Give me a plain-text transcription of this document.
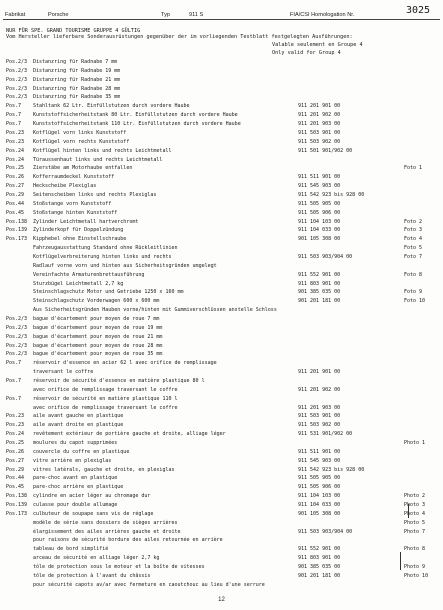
Fabrikat	Porsche	Typ	911 S	FIA/CSI Homologation Nr.	3025
NUR FÜR SPE. GRAND TOURISME GRUPPE 4 GÜLTIG
Vom Hersteller lieferbare Sonderausrüstungen gegenüber der im vorliegenden Testblatt festgelegten Ausführungen:
Valable seulement en Groupe 4
Only valid for Group 4
Pos.2/3 Distanzring für Radnabe 7 mm
Pos.2/3 Distanzring für Radnabe 19 mm
Pos.2/3 Distanzring für Radnabe 21 mm
Pos.2/3 Distanzring für Radnabe 28 mm
Pos.2/3 Distanzring für Radnabe 35 mm
Pos.7 Stahltank 62 Ltr. Einfüllstutzen durch vordere Haube	911 201 901 00
Pos.7 Kunststoffsicherheitstank 80 Ltr. Einfüllstutzen durch vordere Haube	911 201 902 00
Pos.7 Kunststoffsicherheitstank 110 Ltr. Einfüllstutzen durch vordere Haube	911 201 903 00
Pos.23 Kotflügel vorn links Kunststoff	911 503 901 00
Pos.23 Kotflügel vorn rechts Kunststoff	911 503 902 00
Pos.24 Kotflügel hinten links und rechts Leichtmetall	911 501 901/902 00
Pos.24 Türaussenhaut links und rechts Leichtmetall
Pos.25 Zierstäbe am Motorhaube entfallen	Foto 1
Pos.26 Kofferraumdeckel Kunststoff	911 511 901 00
Pos.27 Heckscheibe Plexiglas	911 545 903 00
Pos.29 Seitenscheiben links und rechts Plexiglas	911 542 923 bis 928 00
Pos.44 Stoßstange vorn Kunststoff	911 505 905 00
Pos.45 Stoßstange hinten Kunststoff	911 505 906 00
Pos.138 Zylinder Leichtmetall hartverchromt	911 104 103 00	Foto 2
Pos.139 Zylinderkopf für Doppelzündung	911 104 033 00	Foto 3
Pos.173 Kipphebel ohne Einstellschraube	901 105 308 00	Foto 4
Fahrzeugausstattung Standard ohne Rückleitlinien	Foto 5
Kotflügelverbreiterung hinten links und rechts	911 503 903/904 00	Foto 7
Radlauf vorne vorn und hinten aus Sicherheitsgründen umgelegt
Vereinfachte Armaturenbrettausführung	911 552 901 00	Foto 8
Sturzbügel Leichtmetall 2,7 kg	911 803 901 00
Steinschlagschutz Motor und Getriebe 1250 x 160 mm	901 385 035 00	Foto 9
Steinschlagschutz Vorderwagen 600 x 600 mm	901 201 181 00	Foto 10
Aus Sicherheitsgründen Hauben vorne/hinten mit Gummiverschlüssen anstelle Schloss
Pos.2/3 bague d'écartement pour moyen de roue 7 mm
Pos.2/3 bague d'écartement pour moyen de roue 19 mm
Pos.2/3 bague d'écartement pour moyen de roue 21 mm
Pos.2/3 bague d'écartement pour moyen de roue 28 mm
Pos.2/3 bague d'écartement pour moyen de roue 35 mm
Pos.7 réservoir d'essence en acier 62 l avec orifice de remplissage
traversant le coffre	911 201 901 00
Pos.7 réservoir de sécurité d'essence en matière plastique 80 l
avec orifice de remplissage traversant le coffre	911 201 902 00
Pos.7 réservoir de sécurité en matière plastique 110 l
avec orifice de remplissage traversant le coffre	911 201 903 00
Pos.23 aile avant gauche en plastique	911 503 901 00
Pos.23 aile avant droite en plastique	911 503 902 00
Pos.24 revêtement extérieur de portière gauche et droite, alliage léger	911 531 901/902 00
Pos.25 moulures du capot supprimées	Photo 1
Pos.26 couvercle du coffre en plastique	911 511 901 00
Pos.27 vitre arrière en plexiglas	911 545 903 00
Pos.29 vitres latérals, gauche et droite, en plexiglas	911 542 923 bis 928 00
Pos.44 pare-choc avant en plastique	911 505 905 00
Pos.45 pare-choc arrière en plastique	911 505 906 00
Pos.138 cylindre en acier léger au chromage dur	911 104 103 00	Photo 2
Pos.139 culasse pour double allumage	911 104 033 00	Photo 3
Pos.173 culbuteur de soupape sans vis de réglage	901 105 308 00	Photo 4
modèle de série sans dossiers de sièges arrières	Photo 5
élargissement des ailes arrières gauche et droite	911 503 903/904 00	Photo 7
pour raisons de sécurité bordure des ailes retournée en arrière
tableau de bord simplifié	911 552 901 00	Photo 8
arceau de sécurité en alliage léger 2,7 kg	911 803 901 00
tôle de protection sous le moteur et la boîte de vitesses	901 385 035 00	Photo 9
tôle de protection à l'avant du châssis	901 201 181 00	Photo 10
pour sécurité capots av/ar avec fermeture en caoutchouc au lieu d'une serrure
12
